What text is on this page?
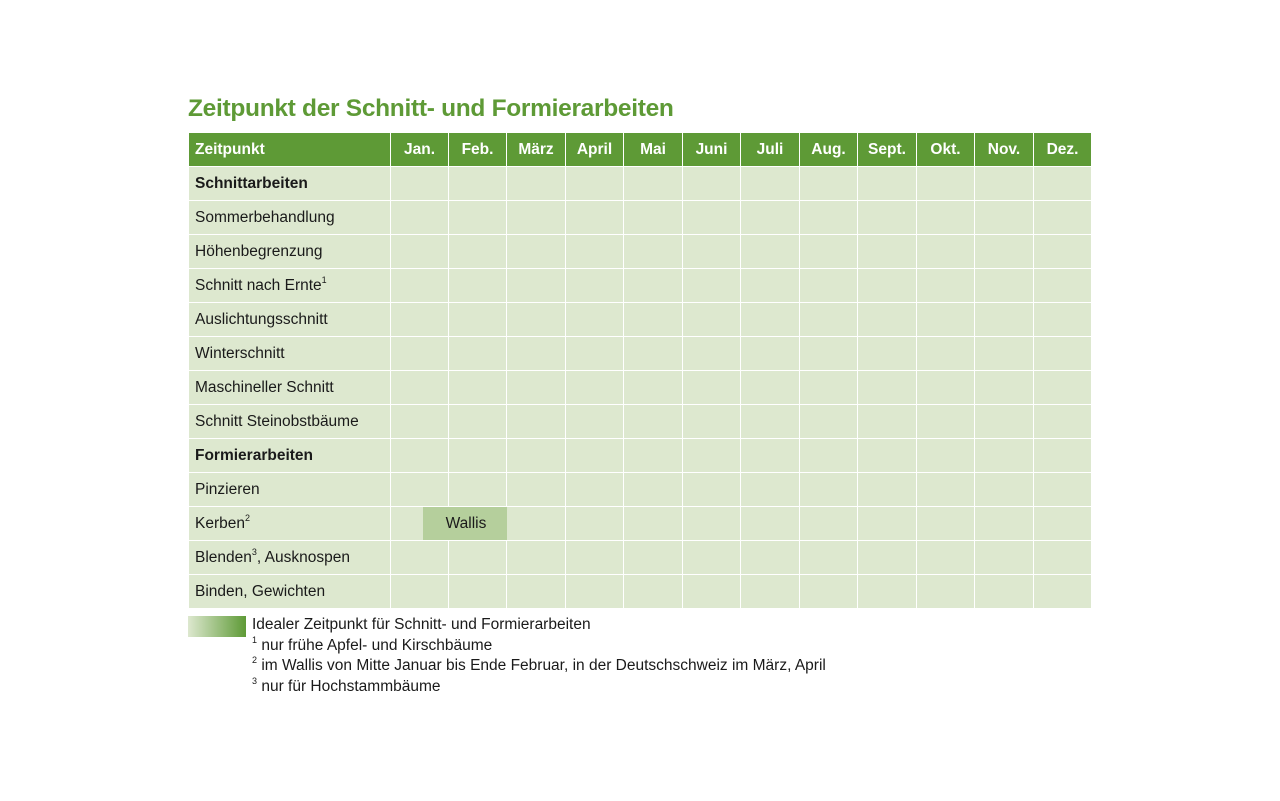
Zeitpunkt der Schnitt- und Formierarbeiten
Zeitpunkt	Jan.	Feb.	März	April	Mai	Juni	Juli	Aug.	Sept.	Okt.	Nov.	Dez.
Schnittarbeiten												
Sommerbehandlung												
Höhenbegrenzung												
Schnitt nach Ernte$^1$												
Auslichtungsschnitt												
Winterschnitt												
Maschineller Schnitt												
Schnitt Steinobstbäume												
Formierarbeiten												
Pinzieren												
Kerben$^2$		Wallis										

Blenden$^3$, Ausknospen												
Binden, Gewichten												
Idealer Zeitpunkt für Schnitt- und Formierarbeiten
$^1$ nur frühe Apfel- und Kirschbäume
$^2$ im Wallis von Mitte Januar bis Ende Februar, in der Deutschschweiz im März, April
$^3$ nur für Hochstammbäume
